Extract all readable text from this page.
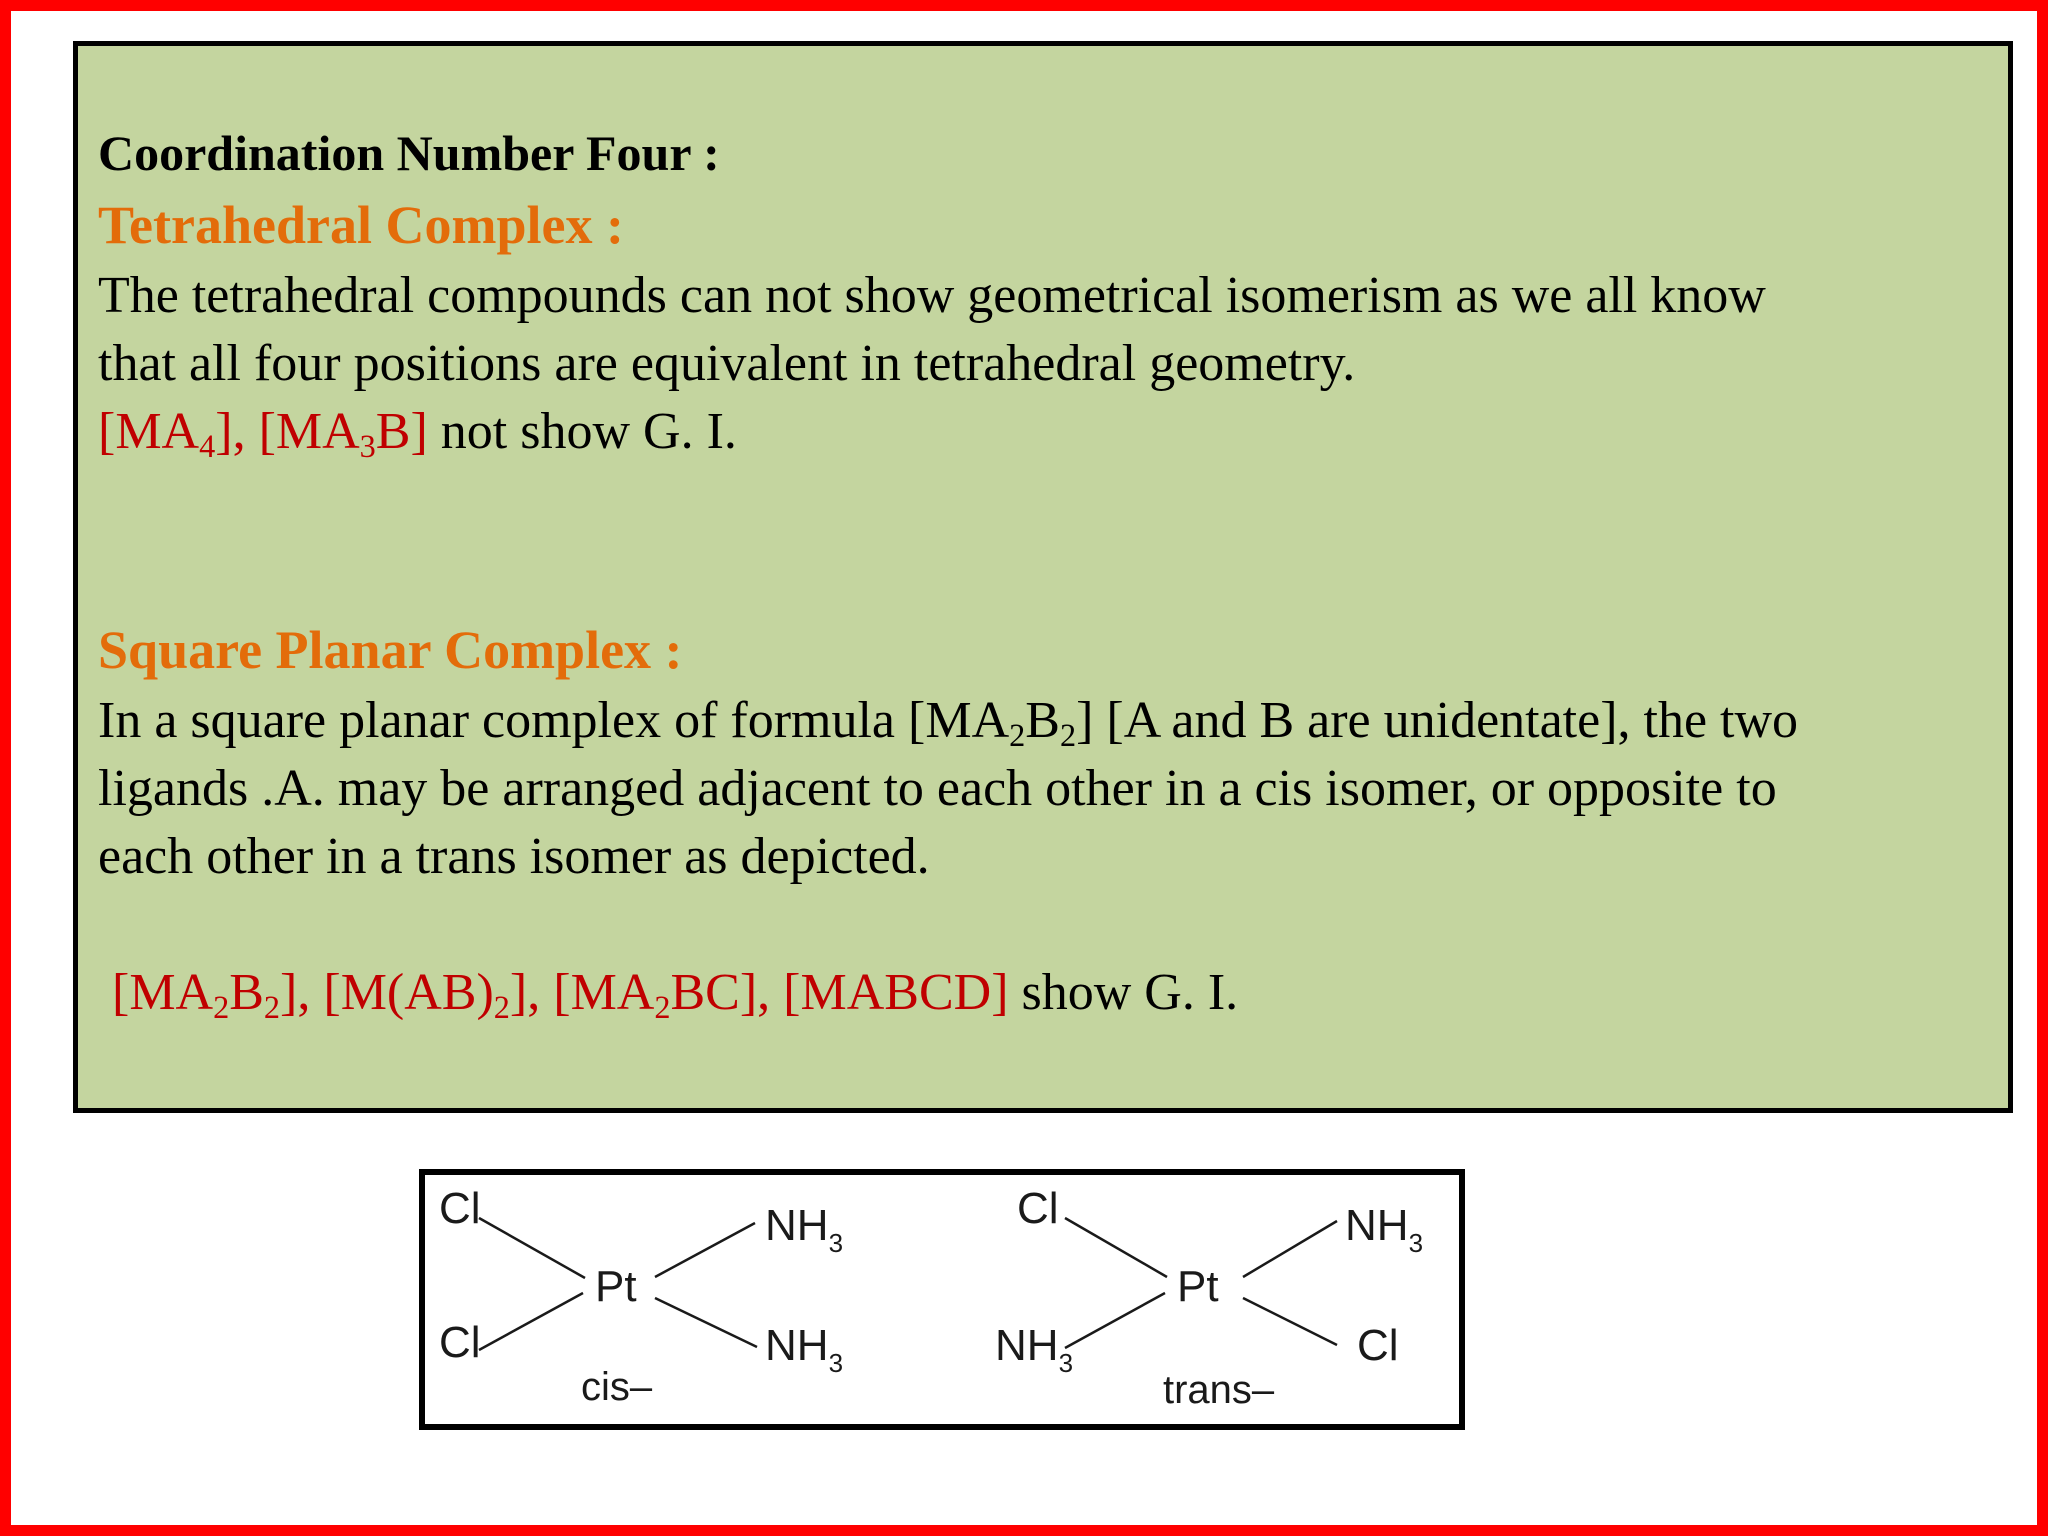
Coordination Number Four :
Tetrahedral Complex :
The tetrahedral compounds can not show geometrical isomerism as we all know
that all four positions are equivalent in tetrahedral geometry.
$[MA_4]$, $[MA_3B]$ not show G. I.
Square Planar Complex :
In a square planar complex of formula $[MA_2B_2]$ [A and B are unidentate], the two
ligands .A. may be arranged adjacent to each other in a cis isomer, or opposite to
each other in a trans isomer as depicted.
$[MA_2B_2]$, $[M(AB)_2]$, $[MA_2BC]$, [MABCD] show G. I.
Cl
Cl
Pt
$NH_3$
$NH_3$
cis–
Cl
$NH_3$
Pt
$NH_3$
Cl
trans–
